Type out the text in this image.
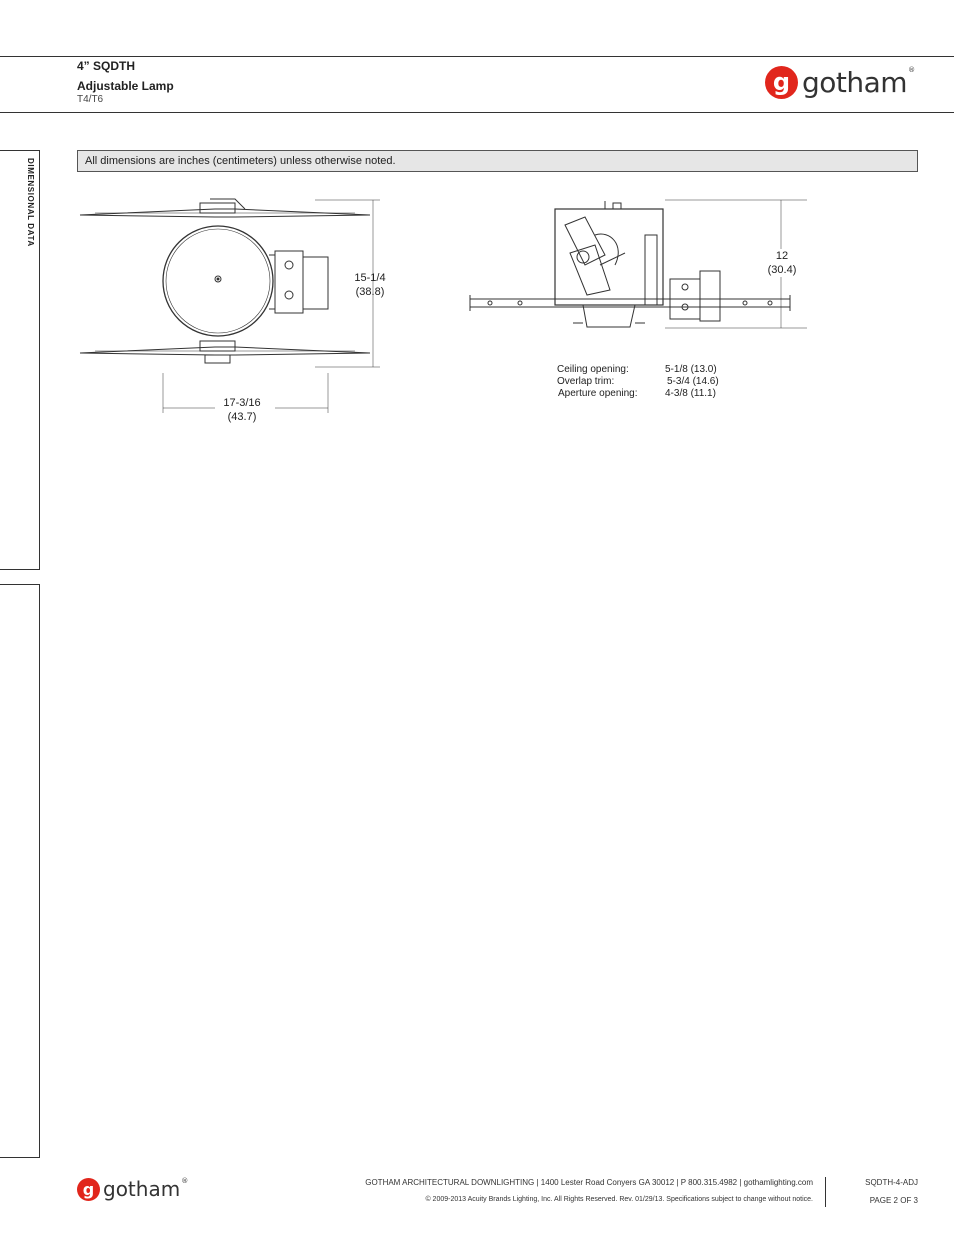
4” SQDTH
Adjustable Lamp
T4/T6
g gotham®
DIMENSIONAL DATA	All dimensions are inches (centimeters) unless otherwise noted.
15-1/4
(38.8)
17-3/16
(43.7)
12
(30.4)
Ceiling opening:	5-1/8 (13.0)
Overlap trim:	5-3/4 (14.6)
Aperture opening:	4-3/8 (11.1)
g gotham®	GOTHAM ARCHITECTURAL DOWNLIGHTING | 1400 Lester Road Conyers GA 30012 | P 800.315.4982 | gothamlighting.com
© 2009-2013 Acuity Brands Lighting, Inc. All Rights Reserved. Rev. 01/29/13. Specifications subject to change without notice.
SQDTH-4-ADJ
PAGE 2 OF 3
